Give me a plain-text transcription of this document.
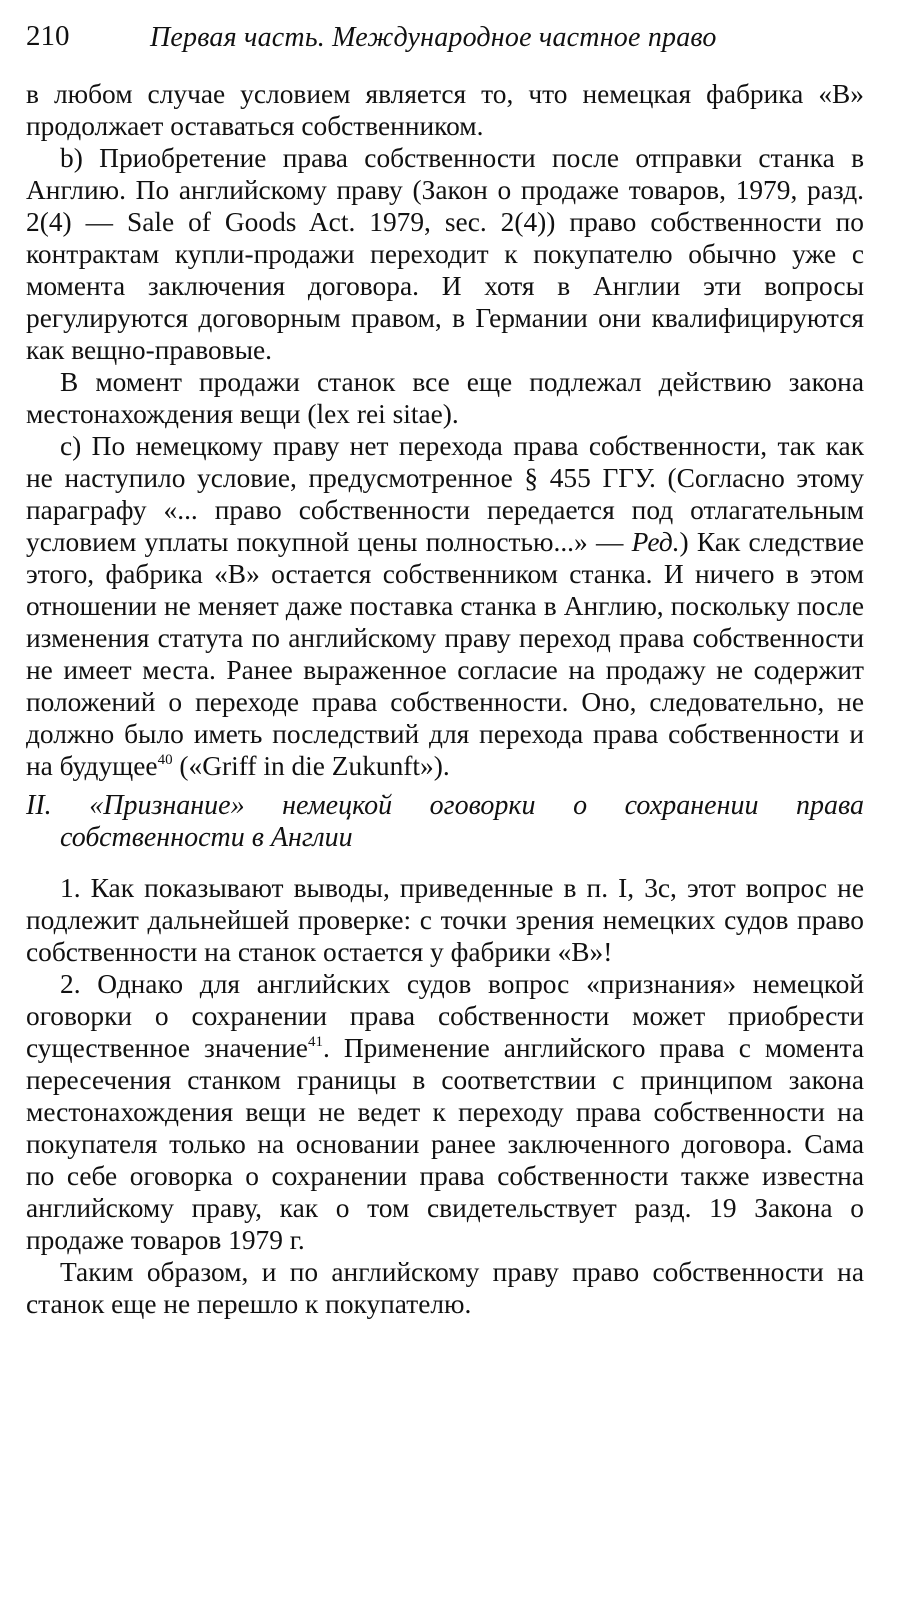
210	Первая часть. Международное частное право

в любом случае условием является то, что немецкая фабрика «B» продолжает оставаться собственником.

b) Приобретение права собственности после отправки станка в Англию. По английскому праву (Закон о продаже товаров, 1979, разд. 2(4) — Sale of Goods Act. 1979, sec. 2(4)) право собственности по контрактам купли-продажи переходит к покупателю обычно уже с момента заключения договора. И хотя в Англии эти вопросы регулируются договорным правом, в Германии они квалифицируются как вещно-правовые.

В момент продажи станок все еще подлежал действию закона местонахождения вещи (lex rei sitae).

c) По немецкому праву нет перехода права собственности, так как не наступило условие, предусмотренное § 455 ГГУ. (Согласно этому параграфу «... право собственности передается под отлагательным условием уплаты покупной цены полностью...» — Ред.) Как следствие этого, фабрика «B» остается собственником станка. И ничего в этом отношении не меняет даже поставка станка в Англию, поскольку после изменения статута по английскому праву переход права собственности не имеет места. Ранее выраженное согласие на продажу не содержит положений о переходе права собственности. Оно, следовательно, не должно было иметь последствий для перехода права собственности и на будущее$^{40}$ («Griff in die Zukunft»).

II. «Признание» немецкой оговорки о сохранении права собственности в Англии

1. Как показывают выводы, приведенные в п. I, 3c, этот вопрос не подлежит дальнейшей проверке: с точки зрения немецких судов право собственности на станок остается у фабрики «B»!

2. Однако для английских судов вопрос «признания» немецкой оговорки о сохранении права собственности может приобрести существенное значение$^{41}$. Применение английского права с момента пересечения станком границы в соответствии с принципом закона местонахождения вещи не ведет к переходу права собственности на покупателя только на основании ранее заключенного договора. Сама по себе оговорка о сохранении права собственности также известна английскому праву, как о том свидетельствует разд. 19 Закона о продаже товаров 1979 г.

Таким образом, и по английскому праву право собственности на станок еще не перешло к покупателю.
